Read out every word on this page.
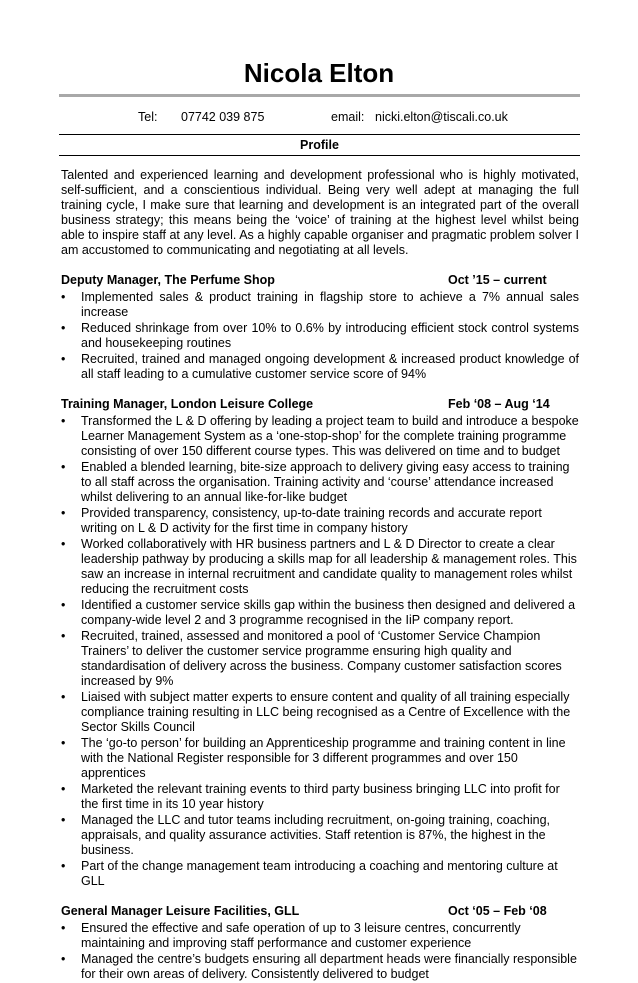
Nicola Elton
Tel: 07742 039 875	email: nicki.elton@tiscali.co.uk
Profile

Talented and experienced learning and development professional who is highly motivated, self-sufficient, and a conscientious individual. Being very well adept at managing the full training cycle, I make sure that learning and development is an integrated part of the overall business strategy; this means being the ‘voice’ of training at the highest level whilst being able to inspire staff at any level. As a highly capable organiser and pragmatic problem solver I am accustomed to communicating and negotiating at all levels.

Deputy Manager, The Perfume Shop	Oct ’15 – current
•	Implemented sales & product training in flagship store to achieve a 7% annual sales increase
•	Reduced shrinkage from over 10% to 0.6% by introducing efficient stock control systems and housekeeping routines
•	Recruited, trained and managed ongoing development & increased product knowledge of all staff leading to a cumulative customer service score of 94%
Training Manager, London Leisure College	Feb ‘08 – Aug ‘14
•	Transformed the L & D offering by leading a project team to build and introduce a bespoke Learner Management System as a ‘one-stop-shop’ for the complete training programme consisting of over 150 different course types. This was delivered on time and to budget
•	Enabled a blended learning, bite-size approach to delivery giving easy access to training to all staff across the organisation. Training activity and ‘course’ attendance increased whilst delivering to an annual like-for-like budget
•	Provided transparency, consistency, up-to-date training records and accurate report writing on L & D activity for the first time in company history
•	Worked collaboratively with HR business partners and L & D Director to create a clear leadership pathway by producing a skills map for all leadership & management roles. This saw an increase in internal recruitment and candidate quality to management roles whilst reducing the recruitment costs
•	Identified a customer service skills gap within the business then designed and delivered a company-wide level 2 and 3 programme recognised in the IiP company report.
•	Recruited, trained, assessed and monitored a pool of ‘Customer Service Champion Trainers’ to deliver the customer service programme ensuring high quality and standardisation of delivery across the business. Company customer satisfaction scores increased by 9%
•	Liaised with subject matter experts to ensure content and quality of all training especially compliance training resulting in LLC being recognised as a Centre of Excellence with the Sector Skills Council
•	The ‘go-to person’ for building an Apprenticeship programme and training content in line with the National Register responsible for 3 different programmes and over 150 apprentices
•	Marketed the relevant training events to third party business bringing LLC into profit for the first time in its 10 year history
•	Managed the LLC and tutor teams including recruitment, on-going training, coaching, appraisals, and quality assurance activities. Staff retention is 87%, the highest in the business.
•	Part of the change management team introducing a coaching and mentoring culture at GLL
General Manager Leisure Facilities, GLL	Oct ‘05 – Feb ‘08
•	Ensured the effective and safe operation of up to 3 leisure centres, concurrently maintaining and improving staff performance and customer experience
•	Managed the centre’s budgets ensuring all department heads were financially responsible for their own areas of delivery. Consistently delivered to budget
